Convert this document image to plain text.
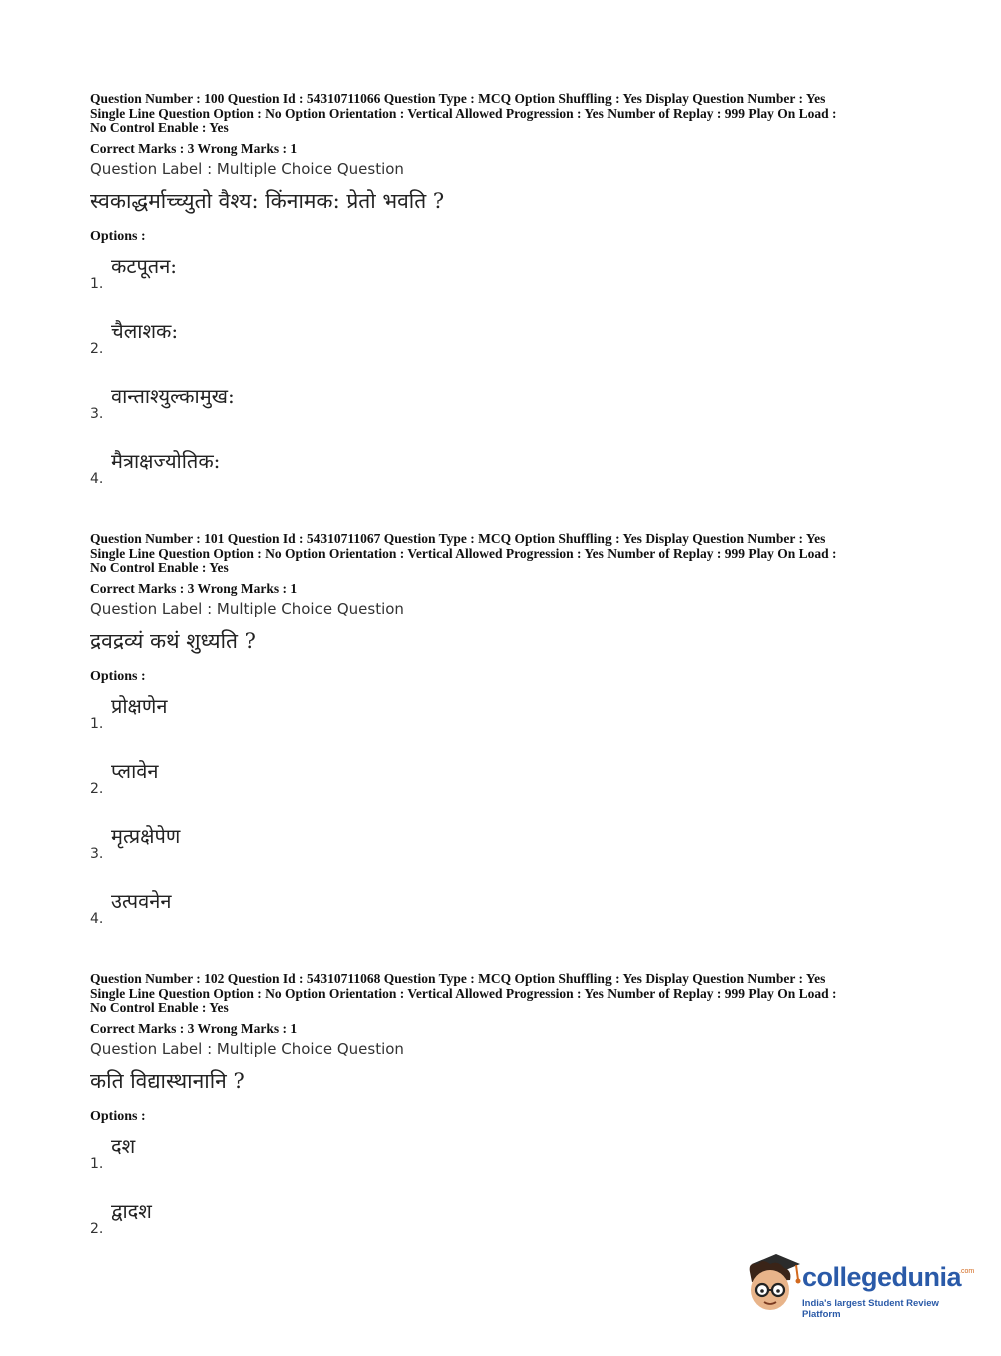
Question Number : 100 Question Id : 54310711066 Question Type : MCQ Option Shuffling : Yes Display Question Number : Yes
Single Line Question Option : No Option Orientation : Vertical Allowed Progression : Yes Number of Replay : 999 Play On Load :
No Control Enable : Yes
Correct Marks : 3 Wrong Marks : 1
Question Label : Multiple Choice Question
स्वकाद्धर्माच्च्युतो वैश्य: किंनामक: प्रेतो भवति ?
Options :
1.
कटपूतन:
2.
चैलाशक:
3.
वान्ताश्युल्कामुख:
4.
मैत्राक्षज्योतिक:
Question Number : 101 Question Id : 54310711067 Question Type : MCQ Option Shuffling : Yes Display Question Number : Yes
Single Line Question Option : No Option Orientation : Vertical Allowed Progression : Yes Number of Replay : 999 Play On Load :
No Control Enable : Yes
Correct Marks : 3 Wrong Marks : 1
Question Label : Multiple Choice Question
द्रवद्रव्यं कथं शुध्यति ?
Options :
1.
प्रोक्षणेन
2.
प्लावेन
3.
मृत्प्रक्षेपेण
4.
उत्पवनेन
Question Number : 102 Question Id : 54310711068 Question Type : MCQ Option Shuffling : Yes Display Question Number : Yes
Single Line Question Option : No Option Orientation : Vertical Allowed Progression : Yes Number of Replay : 999 Play On Load :
No Control Enable : Yes
Correct Marks : 3 Wrong Marks : 1
Question Label : Multiple Choice Question
कति विद्यास्थानानि ?
Options :
1.
दश
2.
द्वादश
collegedunia
.com
India's largest Student Review Platform
